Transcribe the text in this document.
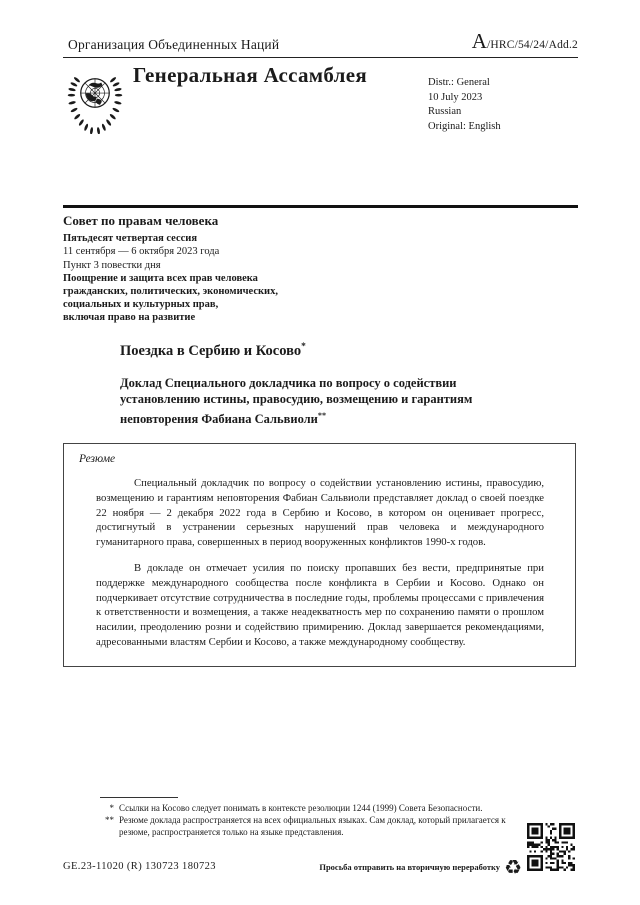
Организация Объединенных Наций	A /HRC/54/24/Add.2
Генеральная Ассамблея	Distr.: General
10 July 2023
Russian
Original: English
Совет по правам человека
Пятьдесят четвертая сессия
11 сентября — 6 октября 2023 года
Пункт 3 повестки дня
Поощрение и защита всех прав человека
гражданских, политических, экономических,
социальных и культурных прав,
включая право на развитие
Поездка в Сербию и Косово*
Доклад Специального докладчика по вопросу о содействии установлению истины, правосудию, возмещению и гарантиям неповторения Фабиана Сальвиоли**
Резюме

Специальный докладчик по вопросу о содействии установлению истины, правосудию, возмещению и гарантиям неповторения Фабиан Сальвиоли представляет доклад о своей поездке 22 ноября — 2 декабря 2022 года в Сербию и Косово, в котором он оценивает прогресс, достигнутый в устранении серьезных нарушений прав человека и международного гуманитарного права, совершенных в период вооруженных конфликтов 1990-х годов.

В докладе он отмечает усилия по поиску пропавших без вести, предпринятые при поддержке международного сообщества после конфликта в Сербии и Косово. Однако он подчеркивает отсутствие сотрудничества в последние годы, проблемы процессами с привлечения к ответственности и возмещения, а также неадекватность мер по сохранению памяти о прошлом насилии, преодолению розни и содействию примирению. Доклад завершается рекомендациями, адресованными властям Сербии и Косово, а также международному сообществу.

* Ссылки на Косово следует понимать в контексте резолюции 1244 (1999) Совета Безопасности.
** Резюме доклада распространяется на всех официальных языках. Сам доклад, который прилагается к резюме, распространяется только на языке представления.
GE.23-11020 (R) 130723 180723	Просьба отправить на вторичную переработку ♻
